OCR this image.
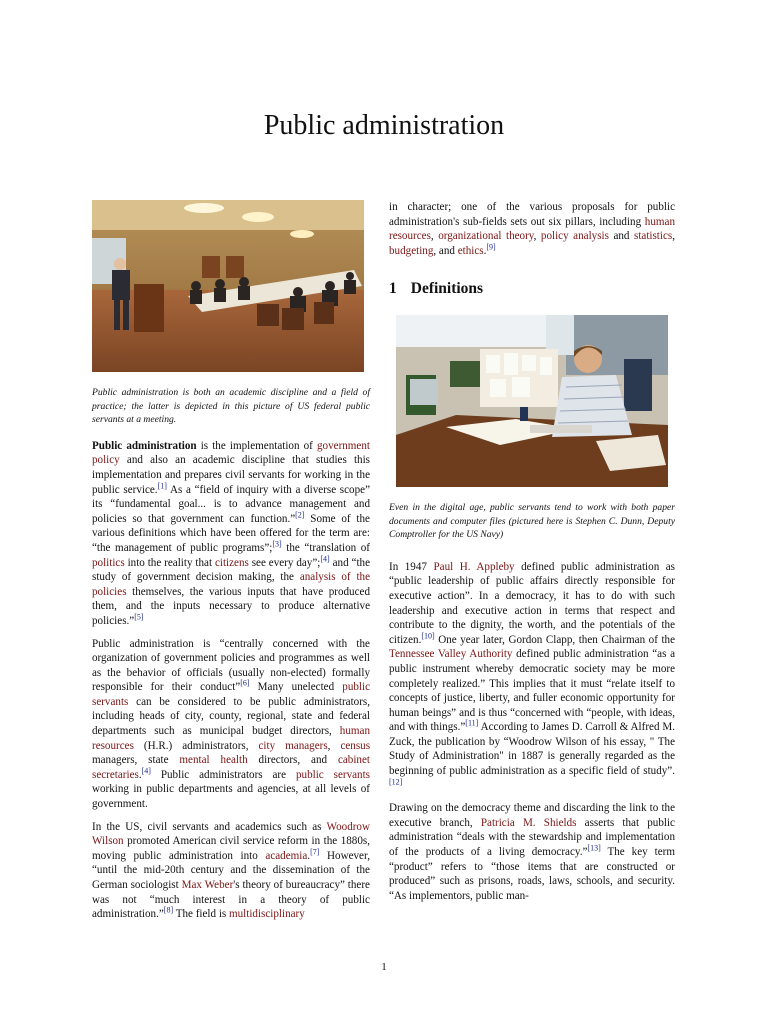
Public administration
Public administration is both an academic discipline and a field of practice; the latter is depicted in this picture of US federal public servants at a meeting.

Public administration is the implementation of government policy and also an academic discipline that studies this implementation and prepares civil servants for working in the public service.[1] As a “field of inquiry with a diverse scope” its “fundamental goal... is to advance management and policies so that government can function.”[2] Some of the various definitions which have been offered for the term are: “the management of public programs”;[3] the “translation of politics into the reality that citizens see every day”;[4] and “the study of government decision making, the analysis of the policies themselves, the various inputs that have produced them, and the inputs necessary to produce alternative policies.”[5]

Public administration is “centrally concerned with the organization of government policies and programmes as well as the behavior of officials (usually non-elected) formally responsible for their conduct”[6] Many unelected public servants can be considered to be public administrators, including heads of city, county, regional, state and federal departments such as municipal budget directors, human resources (H.R.) administrators, city managers, census managers, state mental health directors, and cabinet secretaries.[4] Public administrators are public servants working in public departments and agencies, at all levels of government.

In the US, civil servants and academics such as Woodrow Wilson promoted American civil service reform in the 1880s, moving public administration into academia.[7] However, “until the mid-20th century and the dissemination of the German sociologist Max Weber's theory of bureaucracy” there was not “much interest in a theory of public administration.”[8] The field is multidisciplinary

in character; one of the various proposals for public administration's sub-fields sets out six pillars, including human resources, organizational theory, policy analysis and statistics, budgeting, and ethics.[9]

1 Definitions
Even in the digital age, public servants tend to work with both paper documents and computer files (pictured here is Stephen C. Dunn, Deputy Comptroller for the US Navy)

In 1947 Paul H. Appleby defined public administration as “public leadership of public affairs directly responsible for executive action”. In a democracy, it has to do with such leadership and executive action in terms that respect and contribute to the dignity, the worth, and the potentials of the citizen.[10] One year later, Gordon Clapp, then Chairman of the Tennessee Valley Authority defined public administration “as a public instrument whereby democratic society may be more completely realized.” This implies that it must “relate itself to concepts of justice, liberty, and fuller economic opportunity for human beings” and is thus “concerned with “people, with ideas, and with things.”[11] According to James D. Carroll & Alfred M. Zuck, the publication by “Woodrow Wilson of his essay, " The Study of Administration" in 1887 is generally regarded as the beginning of public administration as a specific field of study”.[12]

Drawing on the democracy theme and discarding the link to the executive branch, Patricia M. Shields asserts that public administration “deals with the stewardship and implementation of the products of a living democracy.”[13] The key term “product” refers to “those items that are constructed or produced” such as prisons, roads, laws, schools, and security. “As implementors, public man-

1
